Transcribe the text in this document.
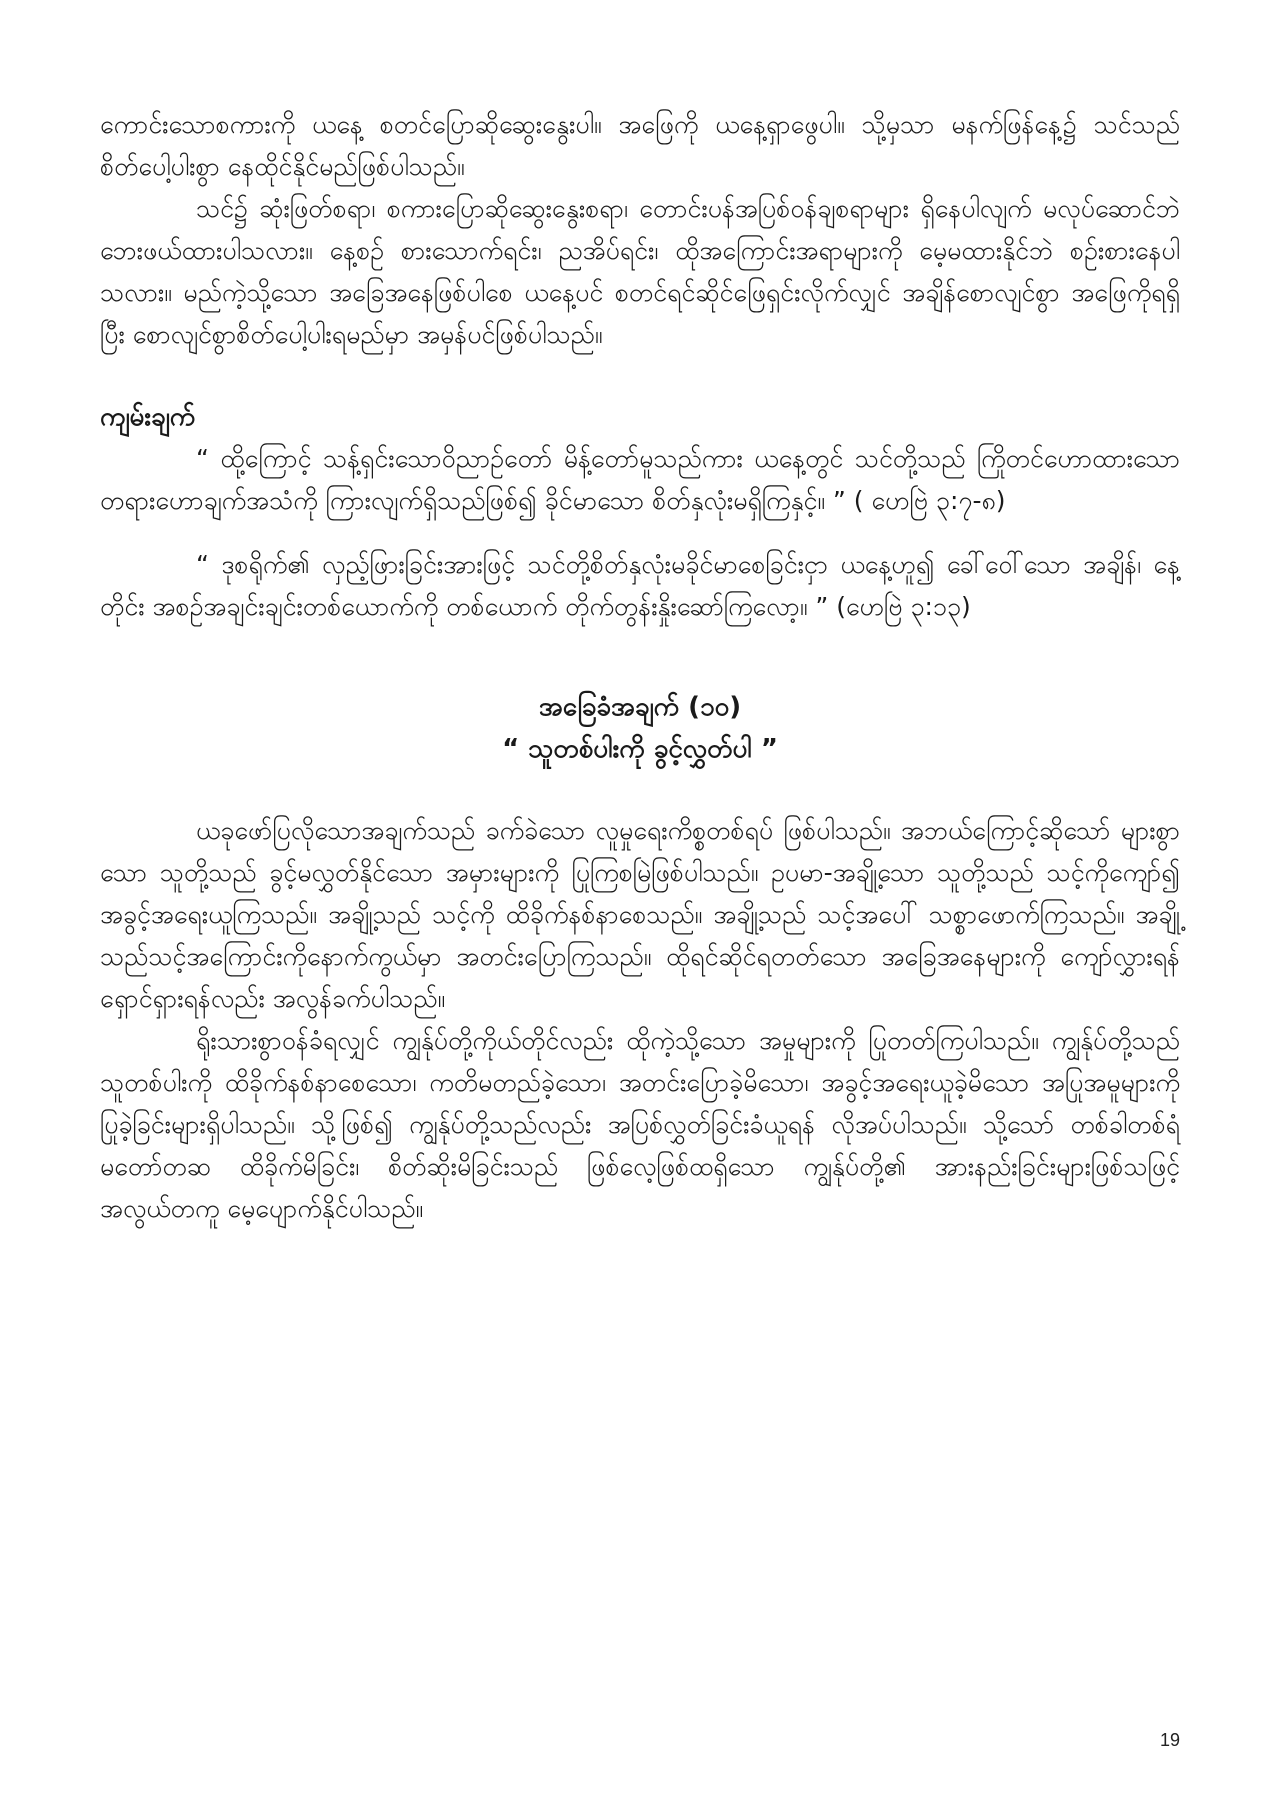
ကောင်းသောစကားကို ယနေ့ စတင်ပြောဆိုဆွေးနွေးပါ။ အဖြေကို ယနေ့ရှာဖွေပါ။ သို့မှသာ မနက်ဖြန်နေ့၌ သင်သည်စိတ်ပေါ့ပါးစွာ နေထိုင်နိုင်မည်ဖြစ်ပါသည်။

သင်၌ ဆုံးဖြတ်စရာ၊ စကားပြောဆိုဆွေးနွေးစရာ၊ တောင်းပန်အပြစ်ဝန်ချစရာများ ရှိနေပါလျက် မလုပ်ဆောင်ဘဲ ဘေးဖယ်ထားပါသလား။ နေ့စဉ် စားသောက်ရင်း၊ ညအိပ်ရင်း၊ ထိုအကြောင်းအရာများကို မေ့မထားနိုင်ဘဲ စဉ်းစားနေပါသလား။ မည်ကဲ့သို့သော အခြေအနေဖြစ်ပါစေ ယနေ့ပင် စတင်ရင်ဆိုင်ဖြေရှင်းလိုက်လျှင် အချိန်စောလျင်စွာ အဖြေကိုရရှိပြီး စောလျင်စွာစိတ်ပေါ့ပါးရမည်မှာ အမှန်ပင်ဖြစ်ပါသည်။

ကျမ်းချက်

“ ထို့ကြောင့် သန့်ရှင်းသောဝိညာဉ်တော် မိန့်တော်မူသည်ကား ယနေ့တွင် သင်တို့သည် ကြိုတင်ဟောထားသော တရားဟောချက်အသံကို ကြားလျက်ရှိသည်ဖြစ်၍ ခိုင်မာသော စိတ်နှလုံးမရှိကြနှင့်။ ” ( ဟေဗြဲ ၃:၇-၈)

“ ဒုစရိုက်၏ လှည့်ဖြားခြင်းအားဖြင့် သင်တို့စိတ်နှလုံးမခိုင်မာစေခြင်းငှာ ယနေ့ဟူ၍ ခေါ်ဝေါ်သော အချိန်၊ နေ့တိုင်း အစဉ်အချင်းချင်းတစ်ယောက်ကို တစ်ယောက် တိုက်တွန်းနှိုးဆော်ကြလော့။ ” (ဟေဗြဲ ၃:၁၃)

အခြေခံအချက် (၁၀)

“ သူတစ်ပါးကို ခွင့်လွှတ်ပါ ”

ယခုဖော်ပြလိုသောအချက်သည် ခက်ခဲသော လူမှုရေးကိစ္စတစ်ရပ် ဖြစ်ပါသည်။ အဘယ်ကြောင့်ဆိုသော် များစွာသော သူတို့သည် ခွင့်မလွှတ်နိုင်သော အမှားများကို ပြုကြစမြဲဖြစ်ပါသည်။ ဥပမာ-အချို့သော သူတို့သည် သင့်ကိုကျော်၍ အခွင့်အရေးယူကြသည်။ အချို့သည် သင့်ကို ထိခိုက်နစ်နာစေသည်။ အချို့သည် သင့်အပေါ် သစ္စာဖောက်ကြသည်။ အချို့သည်သင့်အကြောင်းကိုနောက်ကွယ်မှာ အတင်းပြောကြသည်။ ထိုရင်ဆိုင်ရတတ်သော အခြေအနေများကို ကျော်လွှားရန်ရှောင်ရှားရန်လည်း အလွန်ခက်ပါသည်။

ရိုးသားစွာဝန်ခံရလျှင် ကျွန်ုပ်တို့ကိုယ်တိုင်လည်း ထိုကဲ့သို့သော အမှုများကို ပြုတတ်ကြပါသည်။ ကျွန်ုပ်တို့သည် သူတစ်ပါးကို ထိခိုက်နစ်နာစေသော၊ ကတိမတည်ခဲ့သော၊ အတင်းပြောခဲ့မိသော၊ အခွင့်အရေးယူခဲ့မိသော အပြုအမူများကို ပြုခဲ့ခြင်းများရှိပါသည်။ သို့ဖြစ်၍ ကျွန်ုပ်တို့သည်လည်း အပြစ်လွှတ်ခြင်းခံယူရန် လိုအပ်ပါသည်။ သို့သော် တစ်ခါတစ်ရံ မတော်တဆ ထိခိုက်မိခြင်း၊ စိတ်ဆိုးမိခြင်းသည် ဖြစ်လေ့ဖြစ်ထရှိသော ကျွန်ုပ်တို့၏ အားနည်းခြင်းများဖြစ်သဖြင့် အလွယ်တကူ မေ့ပျောက်နိုင်ပါသည်။

19
